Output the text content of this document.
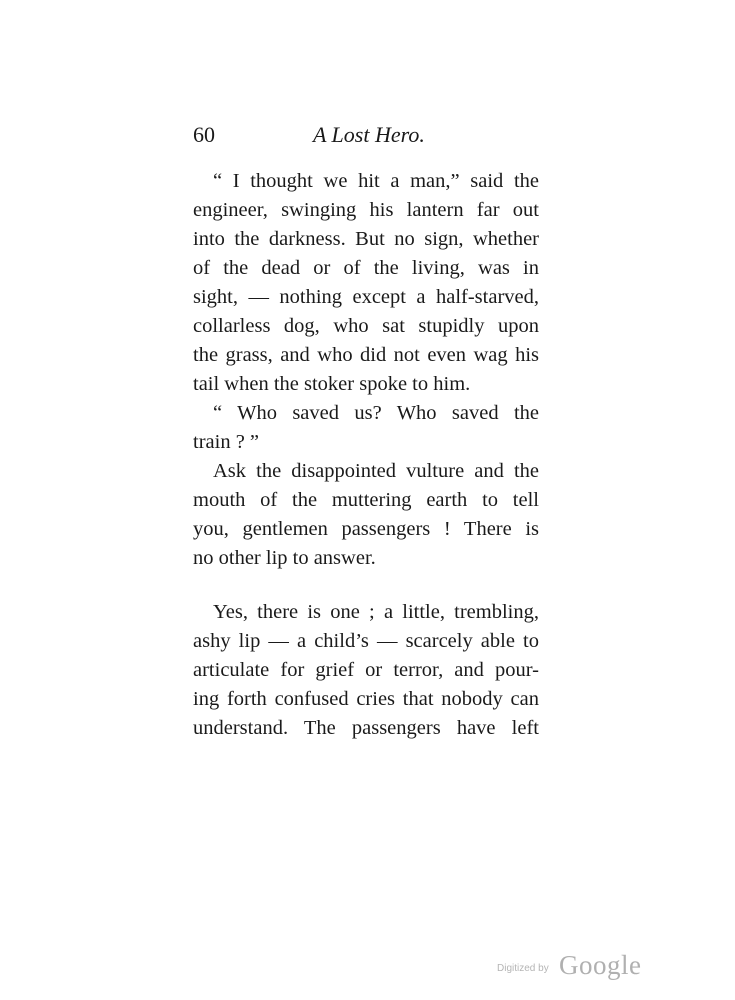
60	A Lost Hero.
“ I thought we hit a man,” said the
engineer, swinging his lantern far out
into the darkness. But no sign, whether
of the dead or of the living, was in
sight, — nothing except a half-starved,
collarless dog, who sat stupidly upon
the grass, and who did not even wag his
tail when the stoker spoke to him.
“ Who saved us? Who saved the
train ? ”
Ask the disappointed vulture and the
mouth of the muttering earth to tell
you, gentlemen passengers ! There is
no other lip to answer.
Yes, there is one ; a little, trembling,
ashy lip — a child’s — scarcely able to
articulate for grief or terror, and pour-
ing forth confused cries that nobody can
understand. The passengers have left
Digitized by Google
